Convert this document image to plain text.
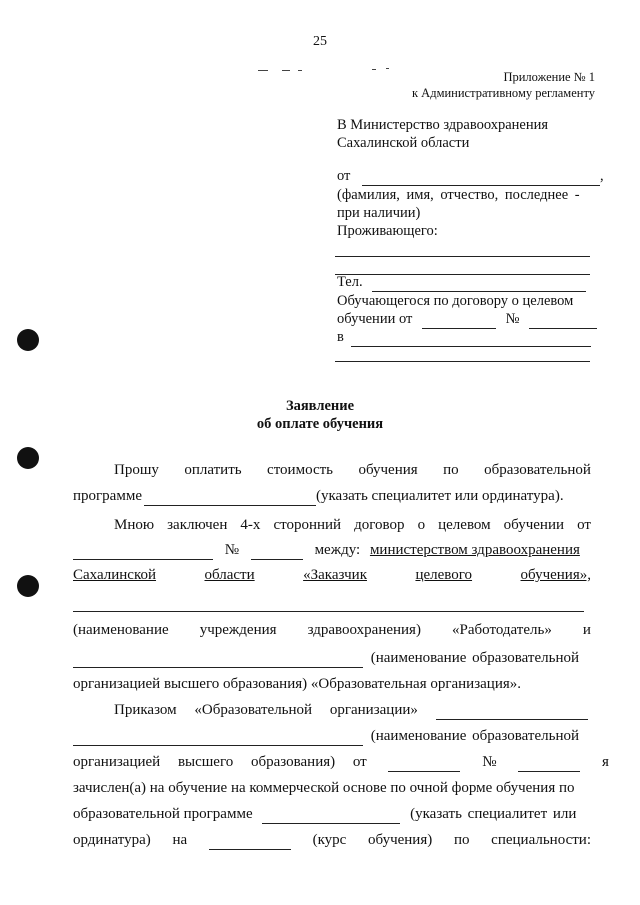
25
Приложение № 1
к Административному регламенту
В Министерство здравоохранения
Сахалинской области
от	,
(фамилия, имя, отчество, последнее -
при наличии)
Проживающего:
Тел.
Обучающегося по договору о целевом
обучении от	№
в
Заявление
об оплате обучения
Прошу оплатить стоимость обучения по образовательной
программе	(указать специалитет или ординатура).
Мною заключен 4-х сторонний договор о целевом обучении от
№	между: министерством здравоохранения
Сахалинской	области	«Заказчик	целевого	обучения»,
(наименование учреждения здравоохранения) «Работодатель» и
(наименование образовательной
организацией высшего образования) «Образовательная организация».
Приказом «Образовательной организации»
(наименование образовательной
организацией высшего образования) от	№	я
зачислен(а) на обучение на коммерческой основе по очной форме обучения по
образовательной программе	(указать специалитет или
ординатура) на
	(курс обучения) по специальности:
